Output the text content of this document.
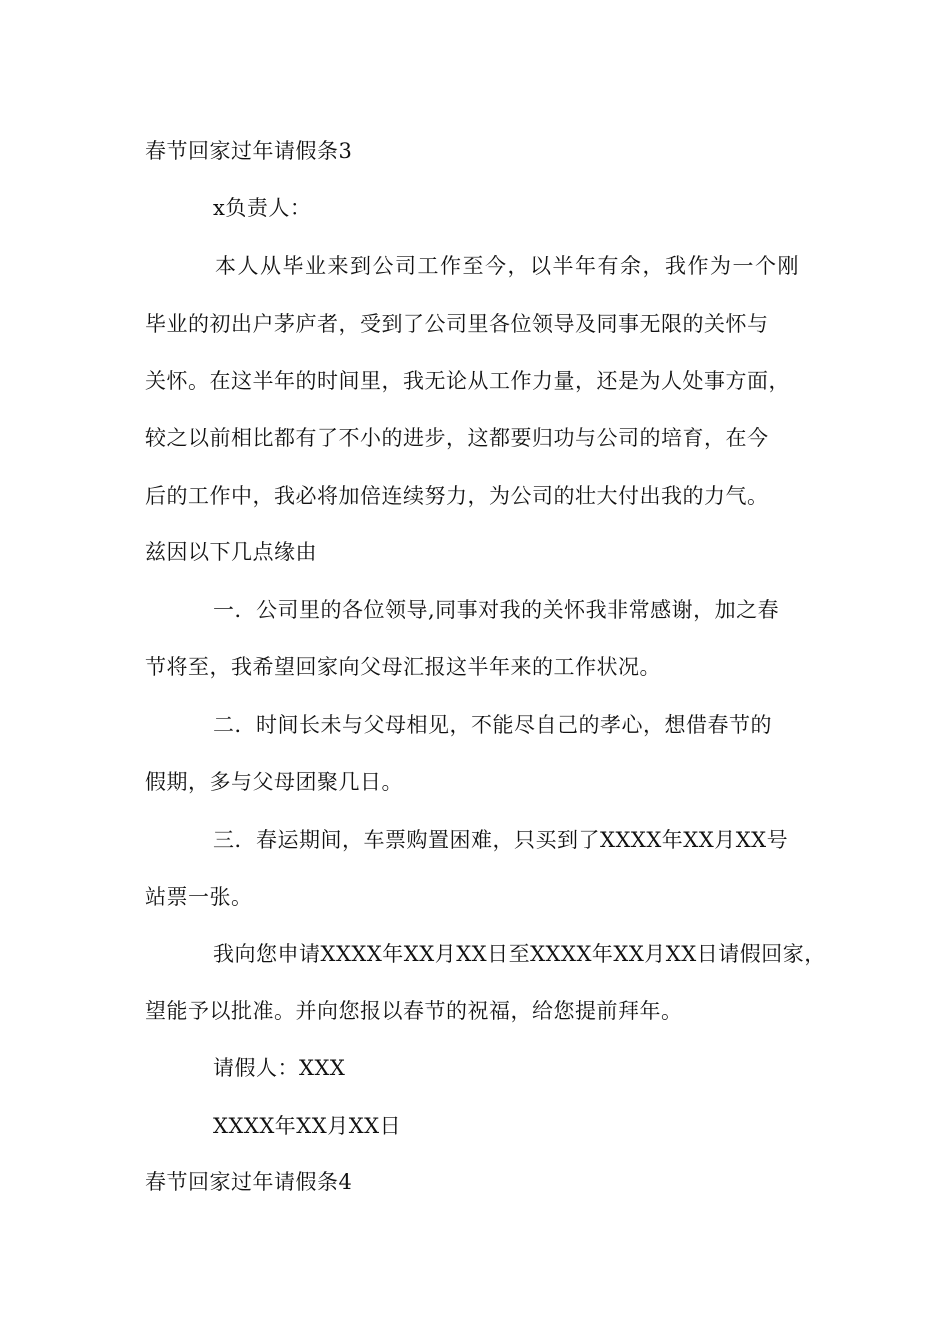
春节回家过年请假条3
x负责人：
本人从毕业来到公司工作至今，以半年有余，我作为一个刚
毕业的初出户茅庐者，受到了公司里各位领导及同事无限的关怀与
关怀。在这半年的时间里，我无论从工作力量，还是为人处事方面，
较之以前相比都有了不小的进步，这都要归功与公司的培育，在今
后的工作中，我必将加倍连续努力，为公司的壮大付出我的力气。
兹因以下几点缘由
一．公司里的各位领导,同事对我的关怀我非常感谢，加之春
节将至，我希望回家向父母汇报这半年来的工作状况。
二．时间长未与父母相见，不能尽自己的孝心，想借春节的
假期，多与父母团聚几日。
三．春运期间，车票购置困难，只买到了XXXX年XX月XX号
站票一张。
我向您申请XXXX年XX月XX日至XXXX年XX月XX日请假回家，
望能予以批准。并向您报以春节的祝福，给您提前拜年。
请假人：XXX
XXXX年XX月XX日
春节回家过年请假条4
